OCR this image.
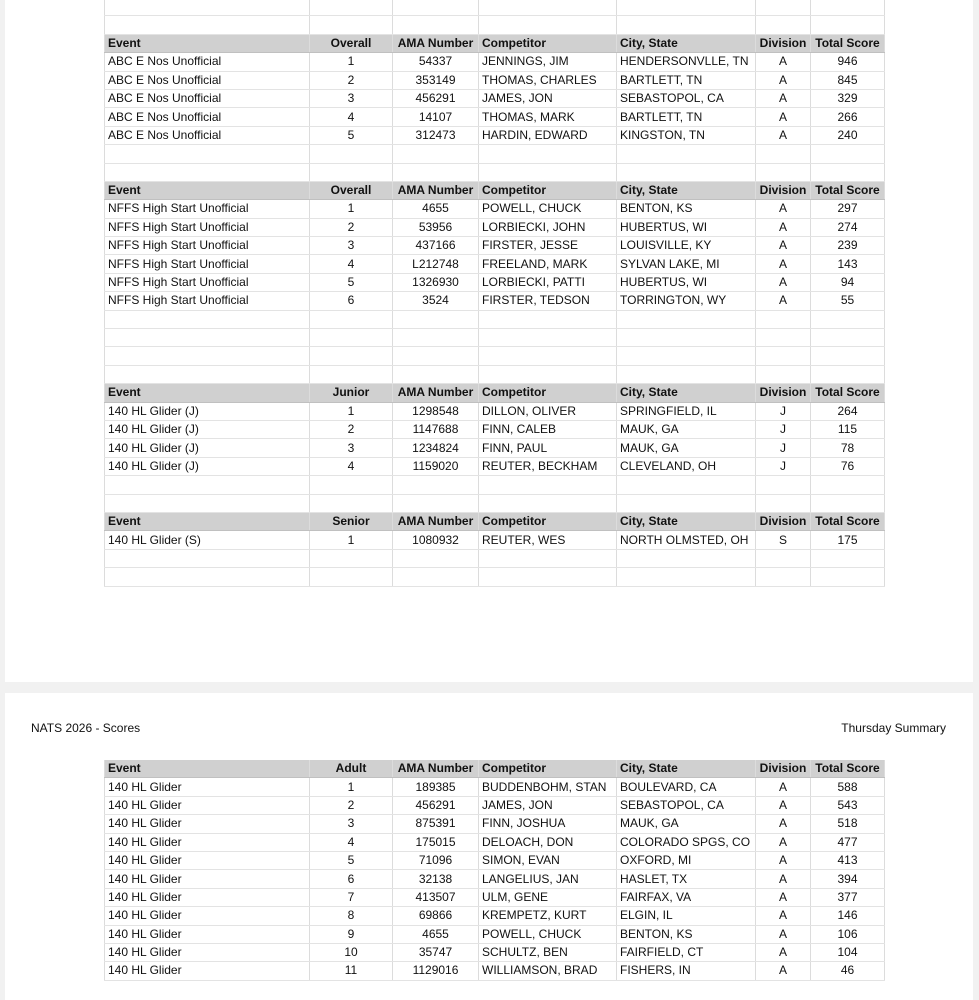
Event	Overall	AMA Number	Competitor	City, State	Division	Total Score
ABC E Nos Unofficial	1	54337	JENNINGS, JIM	HENDERSONVLLE, TN	A	946
ABC E Nos Unofficial	2	353149	THOMAS, CHARLES	BARTLETT, TN	A	845
ABC E Nos Unofficial	3	456291	JAMES, JON	SEBASTOPOL, CA	A	329
ABC E Nos Unofficial	4	14107	THOMAS, MARK	BARTLETT, TN	A	266
ABC E Nos Unofficial	5	312473	HARDIN, EDWARD	KINGSTON, TN	A	240

Event	Overall	AMA Number	Competitor	City, State	Division	Total Score
NFFS High Start Unofficial	1	4655	POWELL, CHUCK	BENTON, KS	A	297
NFFS High Start Unofficial	2	53956	LORBIECKI, JOHN	HUBERTUS, WI	A	274
NFFS High Start Unofficial	3	437166	FIRSTER, JESSE	LOUISVILLE, KY	A	239
NFFS High Start Unofficial	4	L212748	FREELAND, MARK	SYLVAN LAKE, MI	A	143
NFFS High Start Unofficial	5	1326930	LORBIECKI, PATTI	HUBERTUS, WI	A	94
NFFS High Start Unofficial	6	3524	FIRSTER, TEDSON	TORRINGTON, WY	A	55

Event	Junior	AMA Number	Competitor	City, State	Division	Total Score
140 HL Glider (J)	1	1298548	DILLON, OLIVER	SPRINGFIELD, IL	J	264
140 HL Glider (J)	2	1147688	FINN, CALEB	MAUK, GA	J	115
140 HL Glider (J)	3	1234824	FINN, PAUL	MAUK, GA	J	78
140 HL Glider (J)	4	1159020	REUTER, BECKHAM	CLEVELAND, OH	J	76

Event	Senior	AMA Number	Competitor	City, State	Division	Total Score
140 HL Glider (S)	1	1080932	REUTER, WES	NORTH OLMSTED, OH	S	175

NATS 2026 - Scores	Thursday Summary
Event	Adult	AMA Number	Competitor	City, State	Division	Total Score
140 HL Glider	1	189385	BUDDENBOHM, STAN	BOULEVARD, CA	A	588
140 HL Glider	2	456291	JAMES, JON	SEBASTOPOL, CA	A	543
140 HL Glider	3	875391	FINN, JOSHUA	MAUK, GA	A	518
140 HL Glider	4	175015	DELOACH, DON	COLORADO SPGS, CO	A	477
140 HL Glider	5	71096	SIMON, EVAN	OXFORD, MI	A	413
140 HL Glider	6	32138	LANGELIUS, JAN	HASLET, TX	A	394
140 HL Glider	7	413507	ULM, GENE	FAIRFAX, VA	A	377
140 HL Glider	8	69866	KREMPETZ, KURT	ELGIN, IL	A	146
140 HL Glider	9	4655	POWELL, CHUCK	BENTON, KS	A	106
140 HL Glider	10	35747	SCHULTZ, BEN	FAIRFIELD, CT	A	104
140 HL Glider	11	1129016	WILLIAMSON, BRAD	FISHERS, IN	A	46
